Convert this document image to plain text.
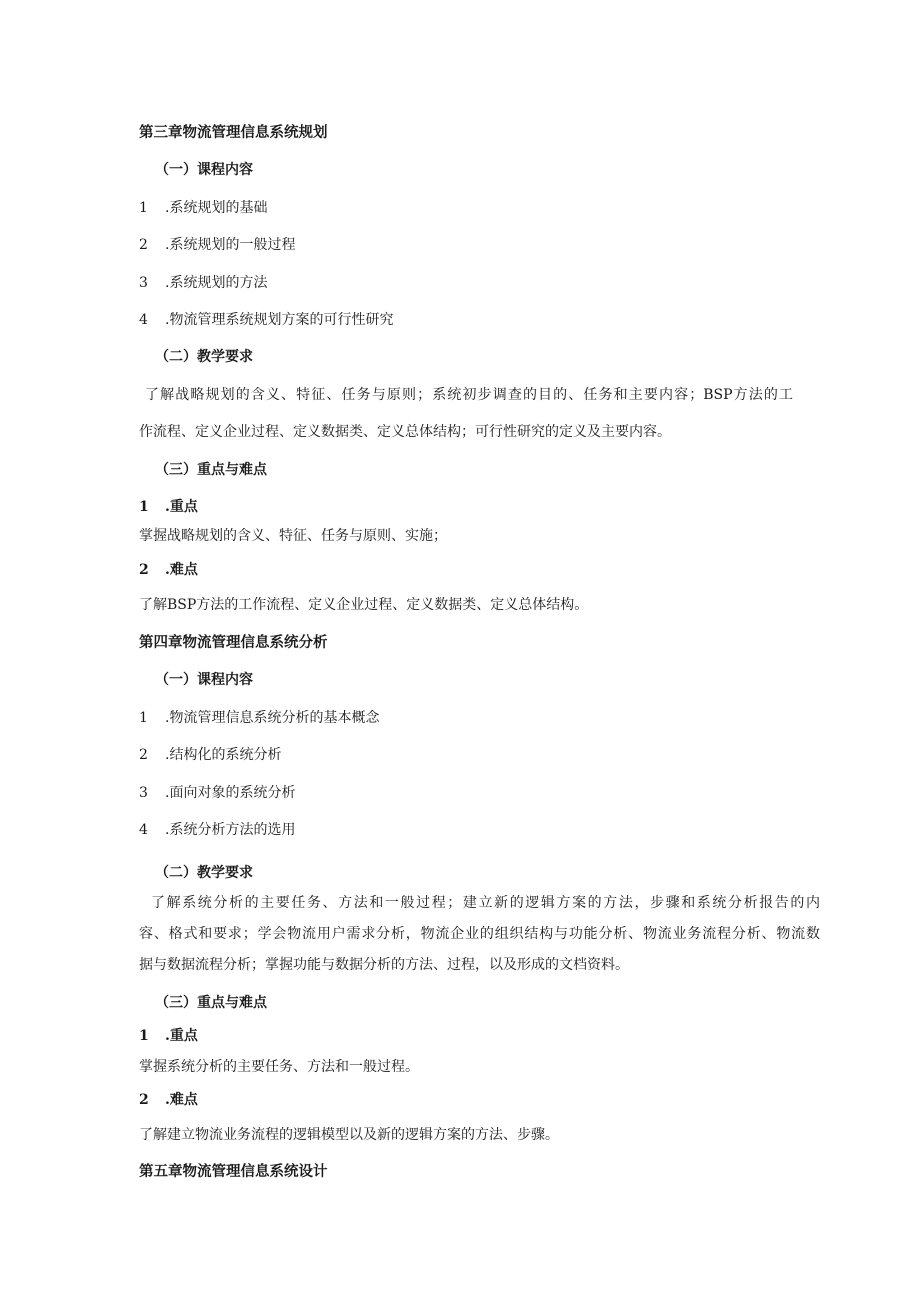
第三章物流管理信息系统规划

（一）课程内容

1 .系统规划的基础

2 .系统规划的一般过程

3 .系统规划的方法

4 .物流管理系统规划方案的可行性研究

（二）教学要求

了解战略规划的含义、特征、任务与原则；系统初步调查的目的、任务和主要内容；BSP方法的工

作流程、定义企业过程、定义数据类、定义总体结构；可行性研究的定义及主要内容。

（三）重点与难点

1 .重点

掌握战略规划的含义、特征、任务与原则、实施；

2 .难点

了解BSP方法的工作流程、定义企业过程、定义数据类、定义总体结构。

第四章物流管理信息系统分析

（一）课程内容

1 .物流管理信息系统分析的基本概念

2 .结构化的系统分析

3 .面向对象的系统分析

4 .系统分析方法的选用

（二）教学要求

了解系统分析的主要任务、方法和一般过程；建立新的逻辑方案的方法，步骤和系统分析报告的内

容、格式和要求；学会物流用户需求分析，物流企业的组织结构与功能分析、物流业务流程分析、物流数

据与数据流程分析；掌握功能与数据分析的方法、过程，以及形成的文档资料。

（三）重点与难点

1 .重点

掌握系统分析的主要任务、方法和一般过程。

2 .难点

了解建立物流业务流程的逻辑模型以及新的逻辑方案的方法、步骤。

第五章物流管理信息系统设计
